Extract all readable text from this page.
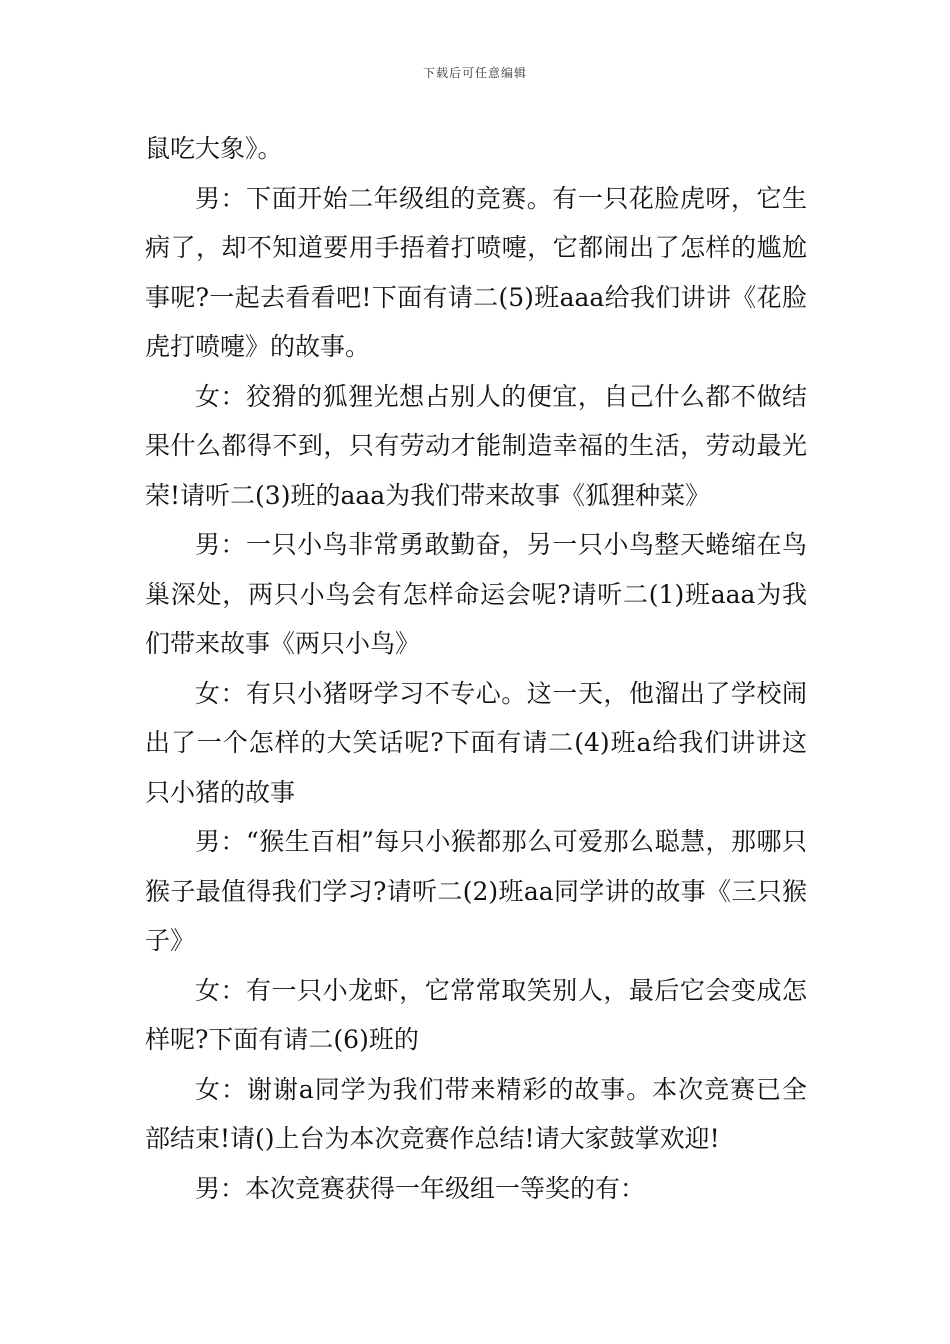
下载后可任意编辑

鼠吃大象》。

男：下面开始二年级组的竞赛。有一只花脸虎呀，它生病了，却不知道要用手捂着打喷嚏，它都闹出了怎样的尴尬事呢?一起去看看吧!下面有请二(5)班aaa给我们讲讲《花脸虎打喷嚏》的故事。

女：狡猾的狐狸光想占别人的便宜，自己什么都不做结果什么都得不到，只有劳动才能制造幸福的生活，劳动最光荣!请听二(3)班的aaa为我们带来故事《狐狸种菜》

男：一只小鸟非常勇敢勤奋，另一只小鸟整天蜷缩在鸟巢深处，两只小鸟会有怎样命运会呢?请听二(1)班aaa为我们带来故事《两只小鸟》

女：有只小猪呀学习不专心。这一天，他溜出了学校闹出了一个怎样的大笑话呢?下面有请二(4)班a给我们讲讲这只小猪的故事

男：“猴生百相”每只小猴都那么可爱那么聪慧，那哪只猴子最值得我们学习?请听二(2)班aa同学讲的故事《三只猴子》

女：有一只小龙虾，它常常取笑别人，最后它会变成怎样呢?下面有请二(6)班的

女：谢谢a同学为我们带来精彩的故事。本次竞赛已全部结束!请()上台为本次竞赛作总结!请大家鼓掌欢迎!

男：本次竞赛获得一年级组一等奖的有：
